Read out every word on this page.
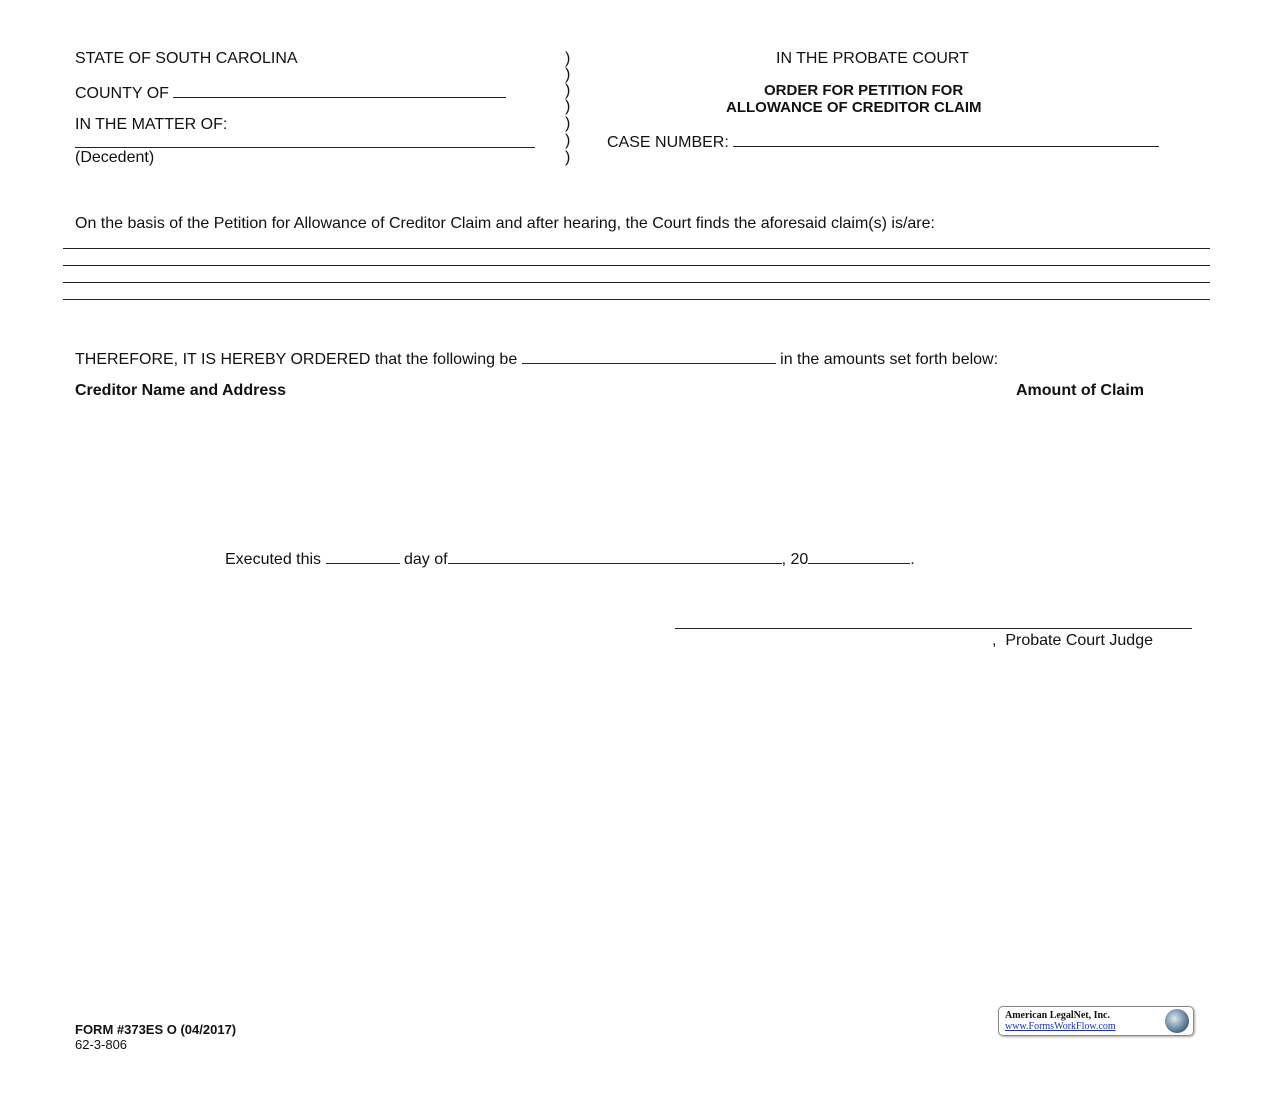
STATE OF SOUTH CAROLINA
COUNTY OF
IN THE MATTER OF:
(Decedent)
)
)
)
)
)
)
)
IN THE PROBATE COURT
ORDER FOR PETITION FOR
ALLOWANCE OF CREDITOR CLAIM
CASE NUMBER:
On the basis of the Petition for Allowance of Creditor Claim and after hearing, the Court finds the aforesaid claim(s) is/are:
THEREFORE, IT IS HEREBY ORDERED that the following be	in the amounts set forth below:
Creditor Name and Address	Amount of Claim
Executed this	day of	, 20	.
, Probate Court Judge
FORM #373ES O (04/2017)
62-3-806
American LegalNet, Inc.
www.FormsWorkFlow.com
